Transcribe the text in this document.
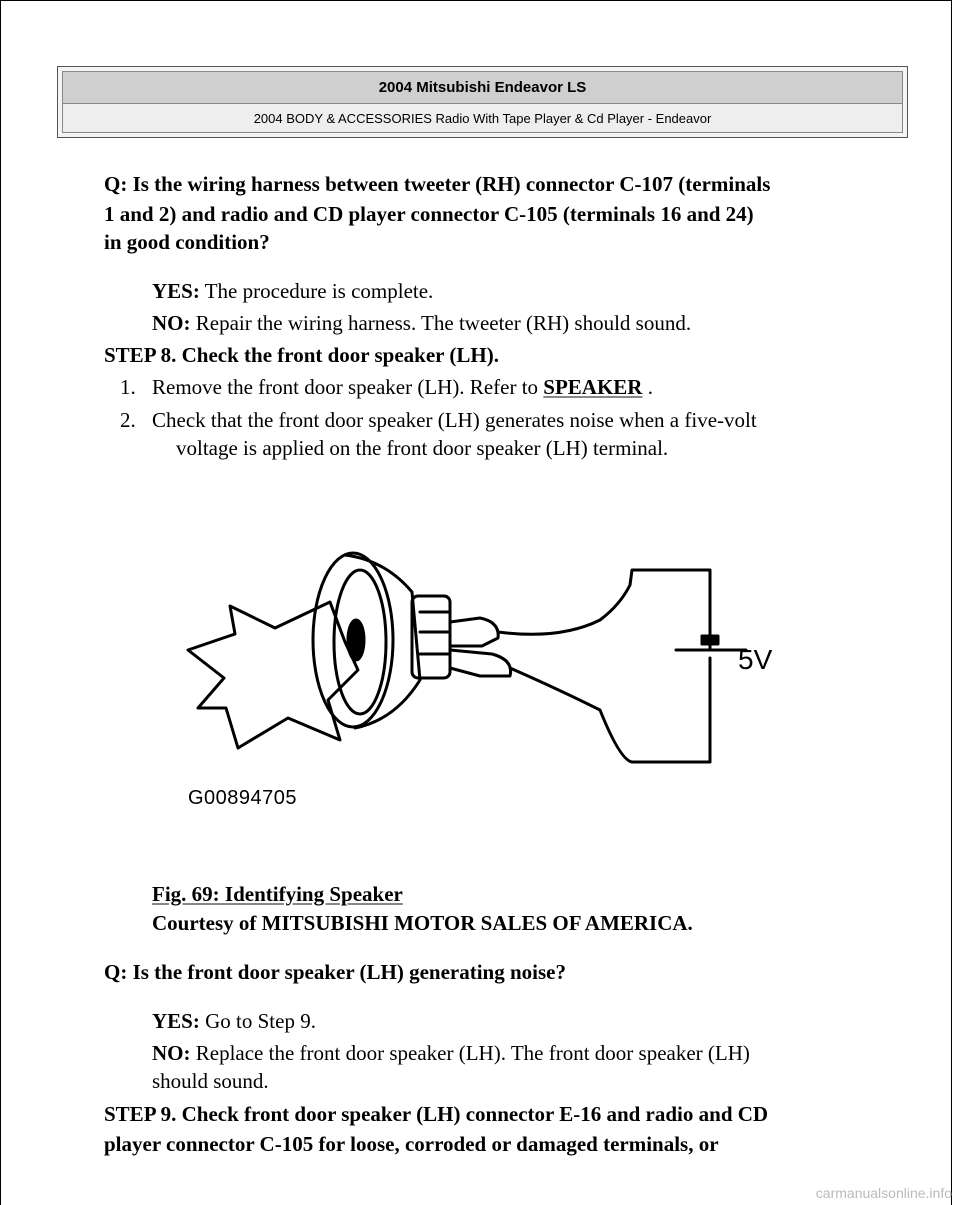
2004 Mitsubishi Endeavor LS
2004 BODY & ACCESSORIES Radio With Tape Player & Cd Player - Endeavor
Q: Is the wiring harness between tweeter (RH) connector C-107 (terminals
1 and 2) and radio and CD player connector C-105 (terminals 16 and 24)
in good condition?
YES: The procedure is complete.
NO: Repair the wiring harness. The tweeter (RH) should sound.
STEP 8. Check the front door speaker (LH).
1. Remove the front door speaker (LH). Refer to SPEAKER .
2. Check that the front door speaker (LH) generates noise when a five-volt
voltage is applied on the front door speaker (LH) terminal.
5V
G00894705
Fig. 69: Identifying Speaker
Courtesy of MITSUBISHI MOTOR SALES OF AMERICA.
Q: Is the front door speaker (LH) generating noise?
YES: Go to Step 9.
NO: Replace the front door speaker (LH). The front door speaker (LH)
should sound.
STEP 9. Check front door speaker (LH) connector E-16 and radio and CD
player connector C-105 for loose, corroded or damaged terminals, or
carmanualsonline.info
